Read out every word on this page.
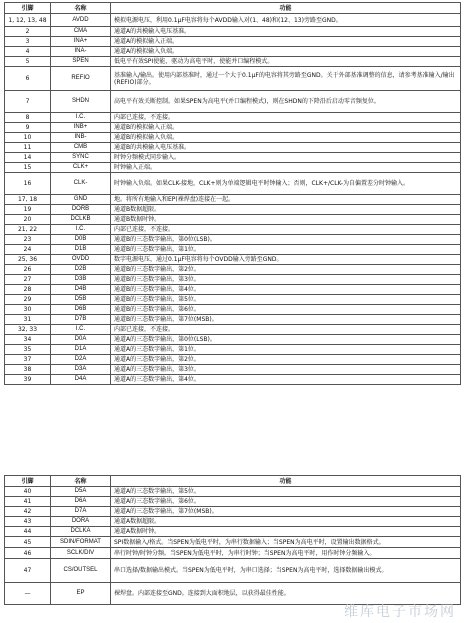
引脚	名称	功能
1, 12, 13, 48	AVDD	模拟电源电压，利用0.1μF电容将每个AVDD输入对(1、48)和(12、13)旁路至GND。
2	CMA	通道A的共模输入电压基准。
3	INA+	通道A的模拟输入正端。
4	INA-	通道A的模拟输入负端。
5	SPEN	低电平有效SPI使能，驱动为高电平时，使能并口编程模式。
6	REFIO	基准输入/输出。使用内部基准时，通过一个大于0.1μF的电容将其旁路至GND。关于外部基准调整的信息，请参考基准输入/输出(REFIO)部分。
7	SHDN	高电平有效关断控制。如果SPEN为高电平(并口编程模式)，则在SHDN的下降沿后启动零音频复位。
8	I.C.	内部已连接，不连接。
9	INB+	通道B的模拟输入正端。
10	INB-	通道B的模拟输入负端。
11	CMB	通道B的共模输入电压基准。
14	SYNC	时钟分频模式同步输入。
15	CLK+	时钟输入正端。
16	CLK-	时钟输入负端。如果CLK-接地，CLK+则为单端逻辑电平时钟输入；否则，CLK+/CLK-为自偏置差分时钟输入。
17, 18	GND	地。将所有地输入和EP(裸焊盘)连接在一起。
19	DORB	通道B数据超限。
20	DCLKB	通道B数据时钟。
21, 22	I.C.	内部已连接，不连接。
23	D0B	通道B的三态数字输出，第0位(LSB)。
24	D1B	通道B的三态数字输出，第1位。
25, 36	OVDD	数字电源电压，通过0.1μF电容将每个OVDD输入旁路至GND。
26	D2B	通道B的三态数字输出，第2位。
27	D3B	通道B的三态数字输出，第3位。
28	D4B	通道B的三态数字输出，第4位。
29	D5B	通道B的三态数字输出，第5位。
30	D6B	通道B的三态数字输出，第6位。
31	D7B	通道B的三态数字输出，第7位(MSB)。
32, 33	I.C.	内部已连接，不连接。
34	D0A	通道A的三态数字输出，第0位(LSB)。
35	D1A	通道A的三态数字输出，第1位。
37	D2A	通道A的三态数字输出，第2位。
38	D3A	通道A的三态数字输出，第3位。
39	D4A	通道A的三态数字输出，第4位。
引脚	名称	功能
40	D5A	通道A的三态数字输出，第5位。
41	D6A	通道A的三态数字输出，第6位。
42	D7A	通道A的三态数字输出，第7位(MSB)。
43	DORA	通道A数据超限。
44	DCLKA	通道A数据时钟。
45	SDIN/FORMAT	SPI数据输入/格式。当SPEN为低电平时，为串行数据输入；当SPEN为高电平时，设置输出数据格式。
46	SCLK/DIV	串行时钟/时钟分频。当SPEN为低电平时，为串行时钟；当SPEN为高电平时，用作时钟分频输入。
47	CS/OUTSEL	串口选择/数据输出模式。当SPEN为低电平时，为串口选择；当SPEN为高电平时，选择数据输出模式。
—	EP	裸焊盘。内部连接至GND。连接到大面积地层，以获得最佳性能。
维库电子市场网
